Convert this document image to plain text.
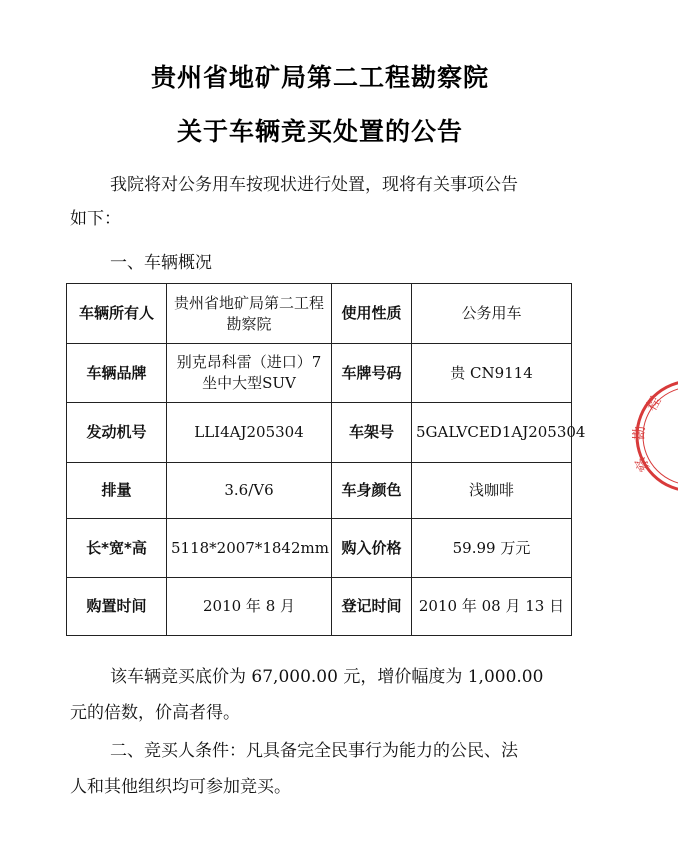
贵州省地矿局第二工程勘察院
关于车辆竞买处置的公告
我院将对公务用车按现状进行处置，现将有关事项公告
如下：
一、车辆概况
车辆所有人	贵州省地矿局第二工程勘察院	使用性质	公务用车
车辆品牌	别克昂科雷（进口）7坐中大型SUV	车牌号码	贵 CN9114
发动机号	LLI4AJ205304	车架号	5GALVCED1AJ205304
排量	3.6/V6	车身颜色	浅咖啡
长*宽*高	5118*2007*1842mm	购入价格	59.99 万元
购置时间	2010 年 8 月	登记时间	2010 年 08 月 13 日
该车辆竞买底价为 67,000.00 元，增价幅度为 1,000.00
元的倍数，价高者得。
二、竞买人条件：凡具备完全民事行为能力的公民、法
人和其他组织均可参加竞买。
程
勘
察
